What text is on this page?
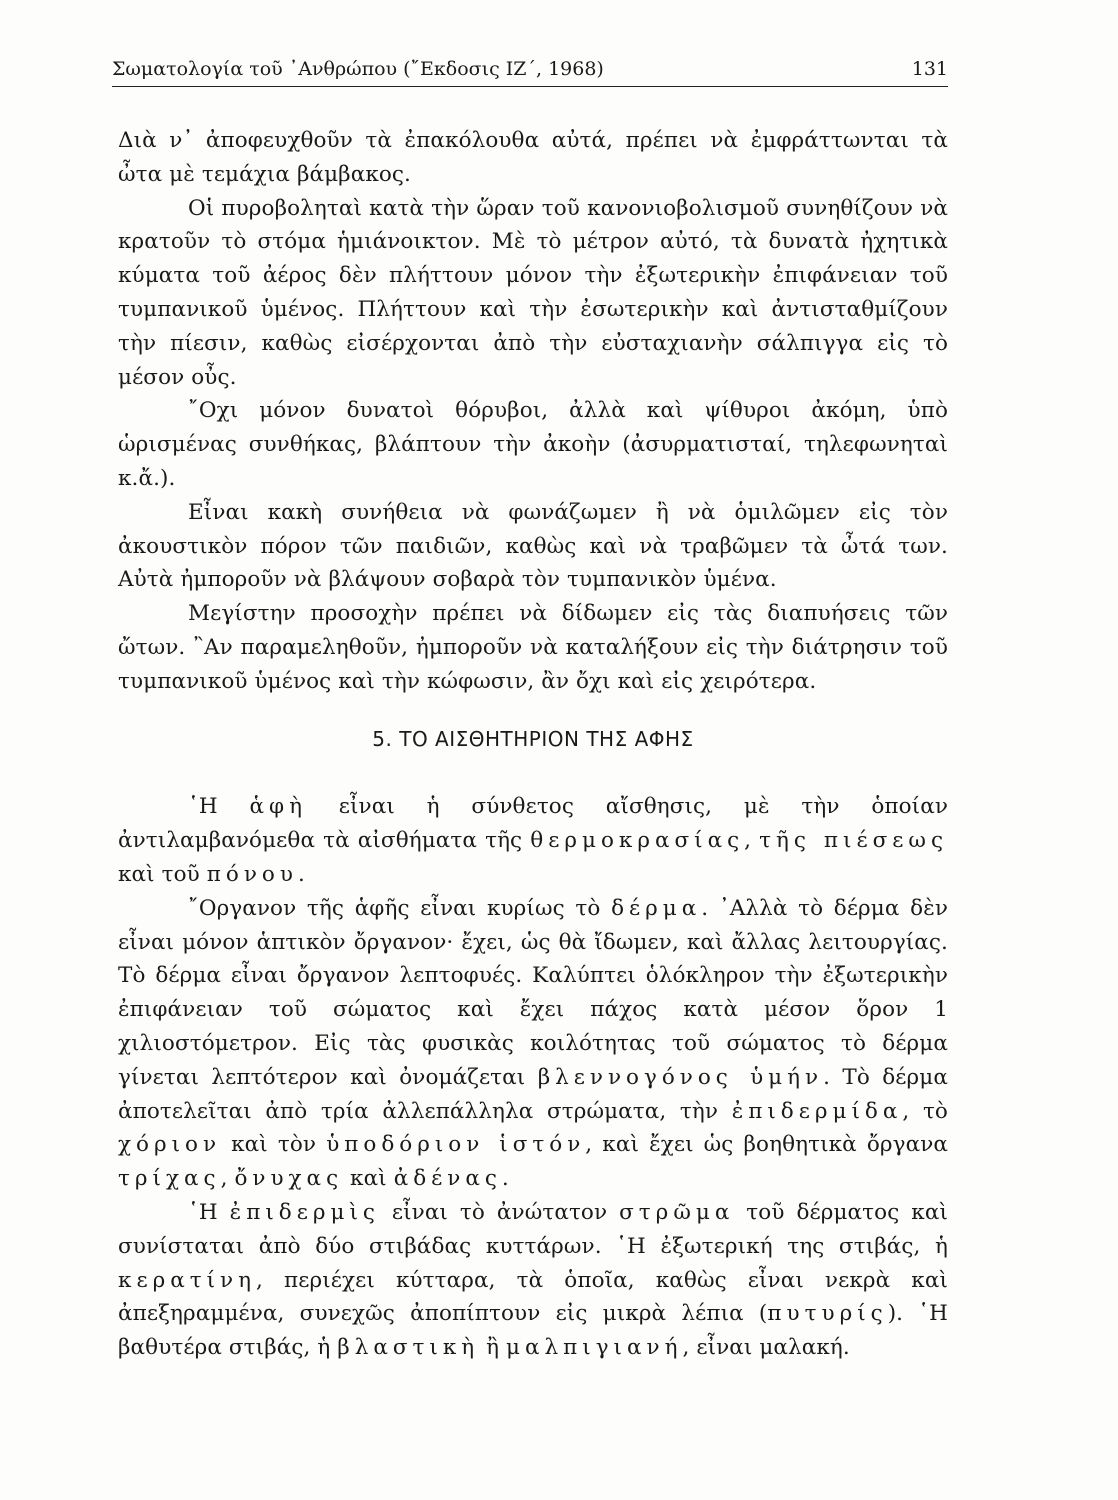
Σωματολογία τοῦ ᾿Ανθρώπου (῎Εκδοσις ΙΖ΄, 1968)	131

Διὰ ν᾿ ἀποφευχθοῦν τὰ ἐπακόλουθα αὐτά, πρέπει νὰ ἐμφράττωνται τὰ ὦτα μὲ τεμάχια βάμβακος.

Οἱ πυροβοληταὶ κατὰ τὴν ὥραν τοῦ κανονιοβολισμοῦ συνηθίζουν νὰ κρατοῦν τὸ στόμα ἡμιάνοικτον. Μὲ τὸ μέτρον αὐτό, τὰ δυνατὰ ἠχητικὰ κύματα τοῦ ἀέρος δὲν πλήττουν μόνον τὴν ἐξωτερικὴν ἐπιφάνειαν τοῦ τυμπανικοῦ ὑμένος. Πλήττουν καὶ τὴν ἐσωτερικὴν καὶ ἀντισταθμίζουν τὴν πίεσιν, καθὼς εἰσέρχονται ἀπὸ τὴν εὐσταχιανὴν σάλπιγγα εἰς τὸ μέσον οὖς.

῎Οχι μόνον δυνατοὶ θόρυβοι, ἀλλὰ καὶ ψίθυροι ἀκόμη, ὑπὸ ὡρισμένας συνθήκας, βλάπτουν τὴν ἀκοὴν (ἀσυρματισταί, τηλεφωνηταὶ κ.ἄ.).

Εἶναι κακὴ συνήθεια νὰ φωνάζωμεν ἢ νὰ ὁμιλῶμεν εἰς τὸν ἀκουστικὸν πόρον τῶν παιδιῶν, καθὼς καὶ νὰ τραβῶμεν τὰ ὦτά των. Αὐτὰ ἠμποροῦν νὰ βλάψουν σοβαρὰ τὸν τυμπανικὸν ὑμένα.

Μεγίστην προσοχὴν πρέπει νὰ δίδωμεν εἰς τὰς διαπυήσεις τῶν ὤτων. ῍Αν παραμεληθοῦν, ἠμποροῦν νὰ καταλήξουν εἰς τὴν διάτρησιν τοῦ τυμπανικοῦ ὑμένος καὶ τὴν κώφωσιν, ἂν ὄχι καὶ εἰς χειρότερα.

5. ΤΟ ΑΙΣΘΗΤΗΡΙΟΝ ΤΗΣ ΑΦΗΣ

῾Η ἁφὴ εἶναι ἡ σύνθετος αἴσθησις, μὲ τὴν ὁποίαν ἀντιλαμβανόμεθα τὰ αἰσθήματα τῆς θερμοκρασίας, τῆς πιέσεως καὶ τοῦ πόνου.

῎Οργανον τῆς ἁφῆς εἶναι κυρίως τὸ δέρμα. ᾿Αλλὰ τὸ δέρμα δὲν εἶναι μόνον ἁπτικὸν ὄργανον· ἔχει, ὡς θὰ ἴδωμεν, καὶ ἄλλας λειτουργίας. Τὸ δέρμα εἶναι ὄργανον λεπτοφυές. Καλύπτει ὁλόκληρον τὴν ἐξωτερικὴν ἐπιφάνειαν τοῦ σώματος καὶ ἔχει πάχος κατὰ μέσον ὅρον 1 χιλιοστόμετρον. Εἰς τὰς φυσικὰς κοιλότητας τοῦ σώματος τὸ δέρμα γίνεται λεπτότερον καὶ ὀνομάζεται βλεννογόνος ὑμήν. Τὸ δέρμα ἀποτελεῖται ἀπὸ τρία ἀλλεπάλληλα στρώματα, τὴν ἐπιδερμίδα, τὸ χόριον καὶ τὸν ὑποδόριον ἱστόν, καὶ ἔχει ὡς βοηθητικὰ ὄργανα τρίχας, ὄνυχας καὶ ἀδένας.

῾Η ἐπιδερμὶς εἶναι τὸ ἀνώτατον στρῶμα τοῦ δέρματος καὶ συνίσταται ἀπὸ δύο στιβάδας κυττάρων. ῾Η ἐξωτερική της στιβάς, ἡ κερατίνη, περιέχει κύτταρα, τὰ ὁποῖα, καθὼς εἶναι νεκρὰ καὶ ἀπεξηραμμένα, συνεχῶς ἀποπίπτουν εἰς μικρὰ λέπια (πυτυρίς). ῾Η βαθυτέρα στιβάς, ἡ βλαστικὴ ἢ μαλπιγιανή, εἶναι μαλακή.
